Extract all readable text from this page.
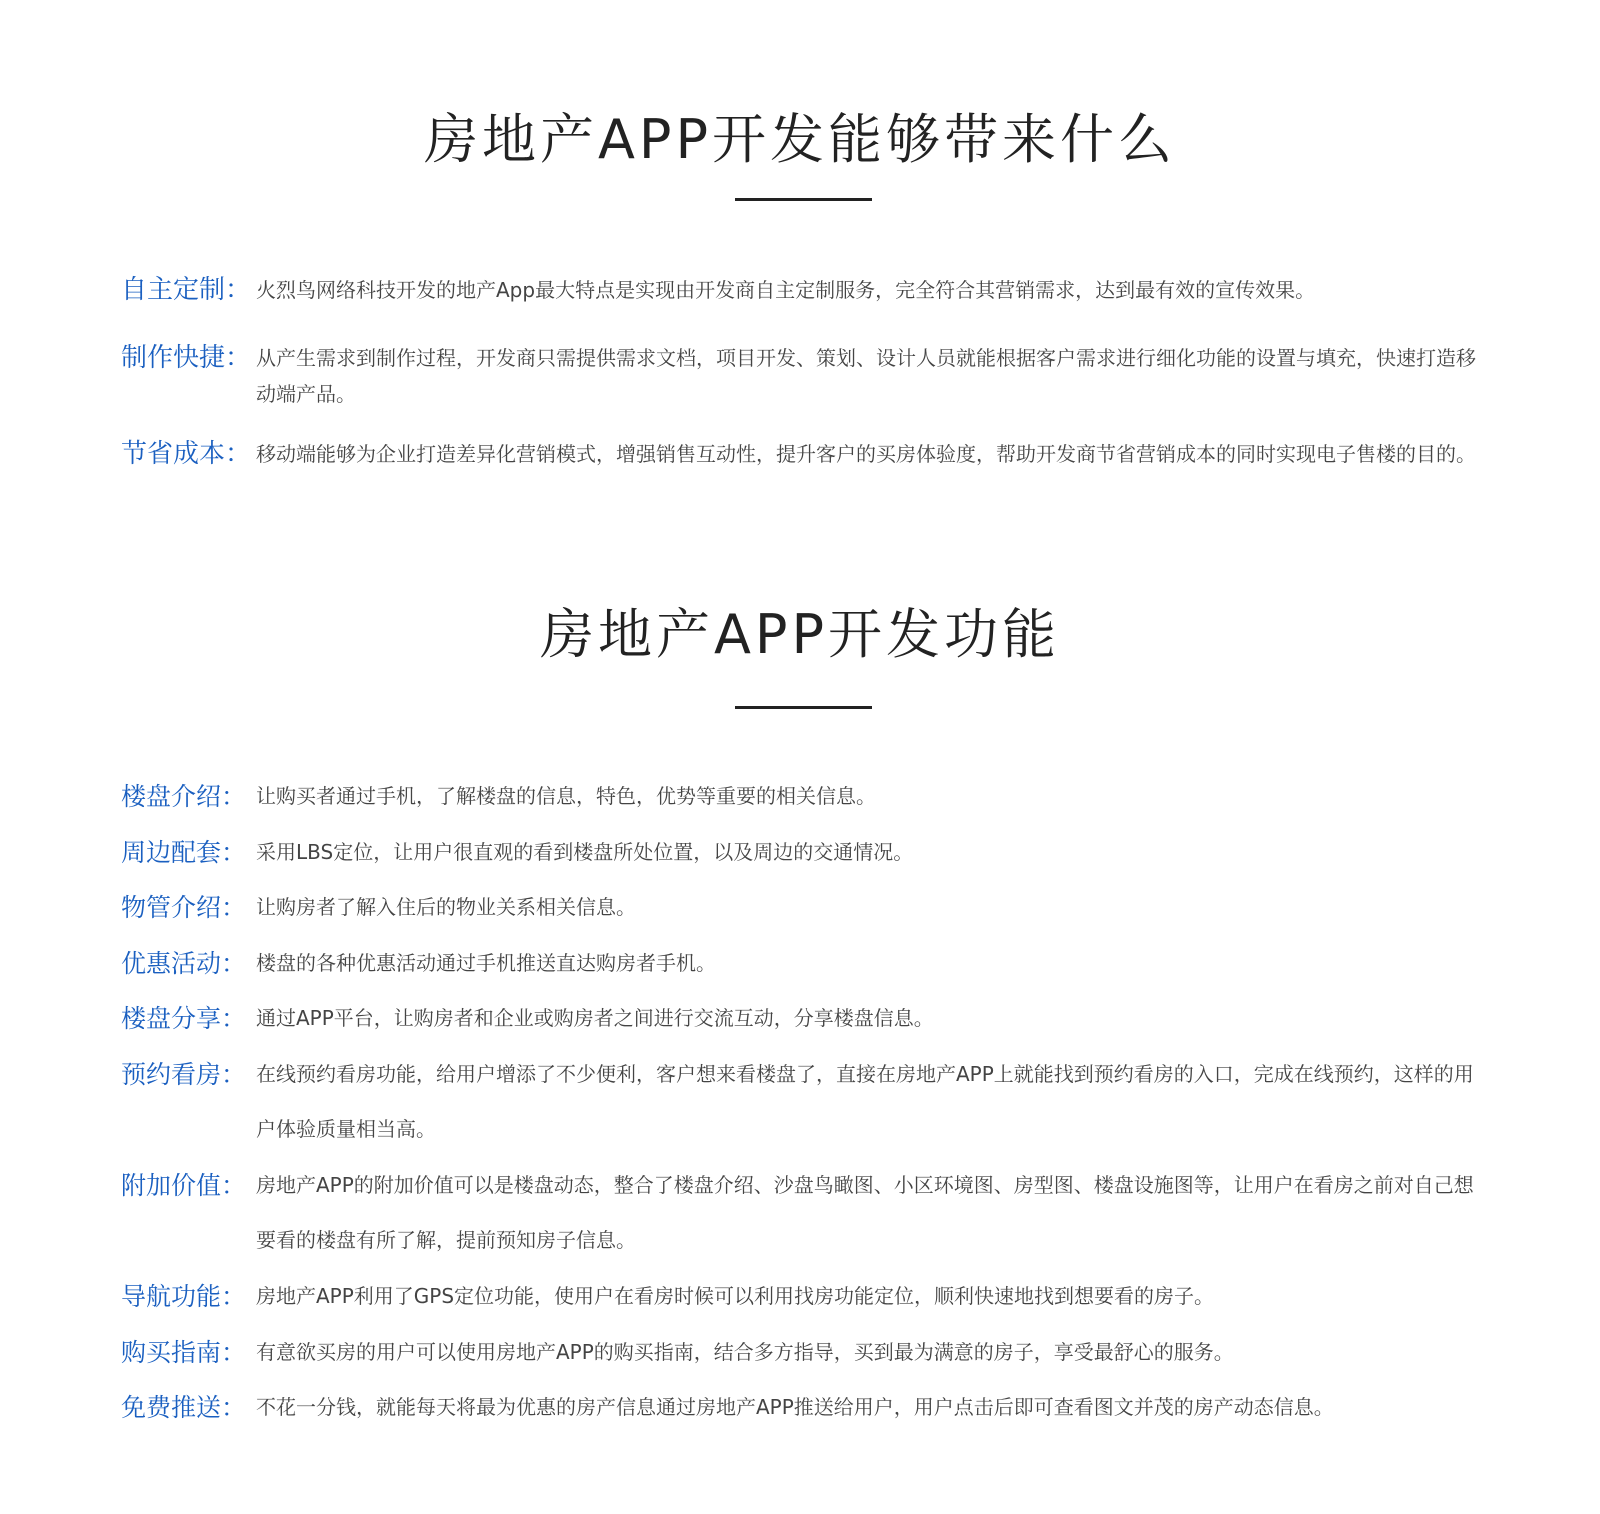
房地产APP开发能够带来什么
自主定制： 火烈鸟网络科技开发的地产App最大特点是实现由开发商自主定制服务，完全符合其营销需求，达到最有效的宣传效果。
制作快捷： 从产生需求到制作过程，开发商只需提供需求文档，项目开发、策划、设计人员就能根据客户需求进行细化功能的设置与填充，快速打造移动端产品。
节省成本： 移动端能够为企业打造差异化营销模式，增强销售互动性，提升客户的买房体验度，帮助开发商节省营销成本的同时实现电子售楼的目的。
房地产APP开发功能
楼盘介绍： 让购买者通过手机，了解楼盘的信息，特色，优势等重要的相关信息。
周边配套： 采用LBS定位，让用户很直观的看到楼盘所处位置，以及周边的交通情况。
物管介绍： 让购房者了解入住后的物业关系相关信息。
优惠活动： 楼盘的各种优惠活动通过手机推送直达购房者手机。
楼盘分享： 通过APP平台，让购房者和企业或购房者之间进行交流互动，分享楼盘信息。
预约看房： 在线预约看房功能，给用户增添了不少便利，客户想来看楼盘了，直接在房地产APP上就能找到预约看房的入口，完成在线预约，这样的用户体验质量相当高。
附加价值： 房地产APP的附加价值可以是楼盘动态，整合了楼盘介绍、沙盘鸟瞰图、小区环境图、房型图、楼盘设施图等，让用户在看房之前对自己想要看的楼盘有所了解，提前预知房子信息。
导航功能： 房地产APP利用了GPS定位功能，使用户在看房时候可以利用找房功能定位，顺利快速地找到想要看的房子。
购买指南： 有意欲买房的用户可以使用房地产APP的购买指南，结合多方指导，买到最为满意的房子，享受最舒心的服务。
免费推送： 不花一分钱，就能每天将最为优惠的房产信息通过房地产APP推送给用户，用户点击后即可查看图文并茂的房产动态信息。
